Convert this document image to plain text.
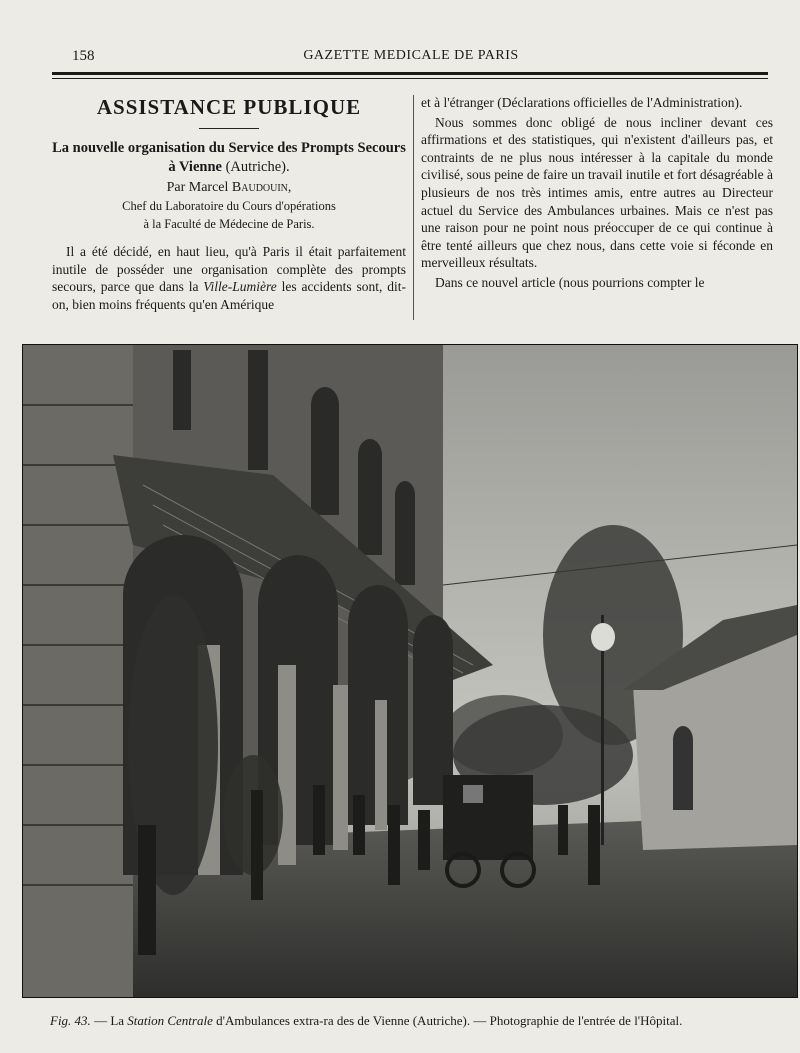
158	GAZETTE MEDICALE DE PARIS
ASSISTANCE PUBLIQUE

La nouvelle organisation du Service des Prompts Secours à Vienne (Autriche).

Par Marcel Baudouin,

Chef du Laboratoire du Cours d'opérations

à la Faculté de Médecine de Paris.

Il a été décidé, en haut lieu, qu'à Paris il était parfaitement inutile de posséder une organisation complète des prompts secours, parce que dans la Ville-Lumière les accidents sont, dit-on, bien moins fréquents qu'en Amérique

et à l'étranger (Déclarations officielles de l'Administration).

Nous sommes donc obligé de nous incliner devant ces affirmations et des statistiques, qui n'existent d'ailleurs pas, et contraints de ne plus nous intéresser à la capitale du monde civilisé, sous peine de faire un travail inutile et fort désagréable à plusieurs de nos très intimes amis, entre autres au Directeur actuel du Service des Ambulances urbaines. Mais ce n'est pas une raison pour ne point nous préoccuper de ce qui continue à être tenté ailleurs que chez nous, dans cette voie si féconde en merveilleux résultats.

Dans ce nouvel article (nous pourrions compter le

Fig. 43. — La Station Centrale d'Ambulances extra-ra des de Vienne (Autriche). — Photographie de l'entrée de l'Hôpital.
